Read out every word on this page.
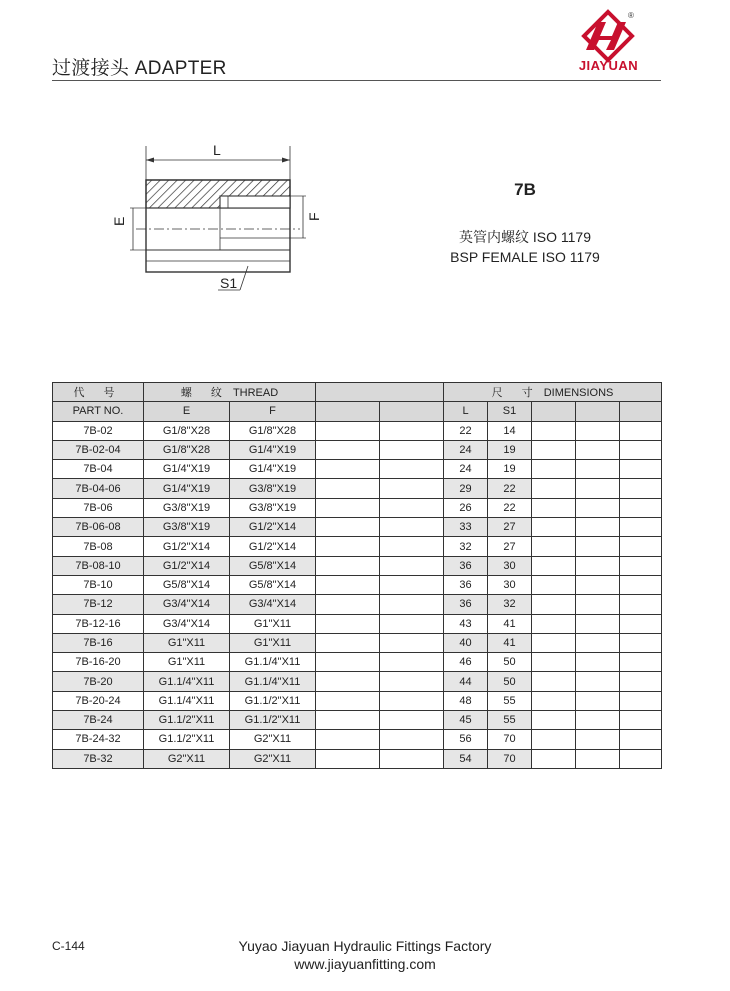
过渡接头 ADAPTER
®
JIAYUAN
L
E	F
S1
7B
英管内螺纹 ISO 1179
BSP FEMALE ISO 1179
代 号	螺 纹 THREAD				尺 寸 DIMENSIONS				
PART NO.	E	F			L	S1			
7B-02	G1/8"X28	G1/8"X28			22	14			
7B-02-04	G1/8"X28	G1/4"X19			24	19			
7B-04	G1/4"X19	G1/4"X19			24	19			
7B-04-06	G1/4"X19	G3/8"X19			29	22			
7B-06	G3/8"X19	G3/8"X19			26	22			
7B-06-08	G3/8"X19	G1/2"X14			33	27			
7B-08	G1/2"X14	G1/2"X14			32	27			
7B-08-10	G1/2"X14	G5/8"X14			36	30			
7B-10	G5/8"X14	G5/8"X14			36	30			
7B-12	G3/4"X14	G3/4"X14			36	32			
7B-12-16	G3/4"X14	G1"X11			43	41			
7B-16	G1"X11	G1"X11			40	41			
7B-16-20	G1"X11	G1.1/4"X11			46	50			
7B-20	G1.1/4"X11	G1.1/4"X11			44	50			
7B-20-24	G1.1/4"X11	G1.1/2"X11			48	55			
7B-24	G1.1/2"X11	G1.1/2"X11			45	55			
7B-24-32	G1.1/2"X11	G2"X11			56	70			
7B-32	G2"X11	G2"X11			54	70			
C-144	Yuyao Jiayuan Hydraulic Fittings Factory
www.jiayuanfitting.com
